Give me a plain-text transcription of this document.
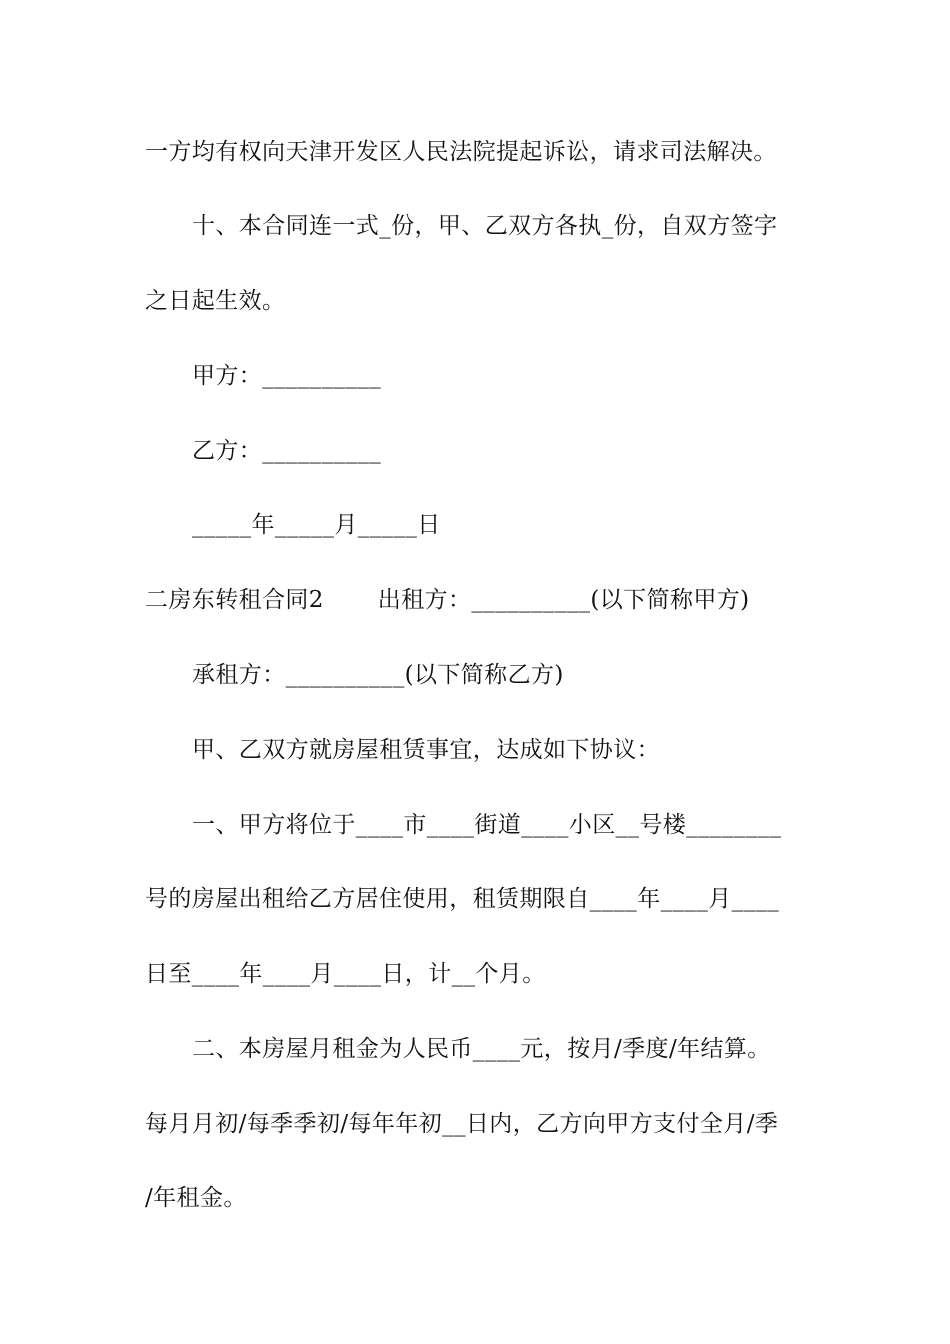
一方均有权向天津开发区人民法院提起诉讼，请求司法解决。
十、本合同连一式_份，甲、乙双方各执_份，自双方签字
之日起生效。
甲方：__________
乙方：__________
_____年_____月_____日
二房东转租合同2       出租方：__________(以下简称甲方)
承租方：__________(以下简称乙方)
甲、乙双方就房屋租赁事宜，达成如下协议：
一、甲方将位于____市____街道____小区__号楼________
号的房屋出租给乙方居住使用，租赁期限自____年____月____
日至____年____月____日，计__个月。
二、本房屋月租金为人民币____元，按月/季度/年结算。
每月月初/每季季初/每年年初__日内，乙方向甲方支付全月/季
/年租金。
